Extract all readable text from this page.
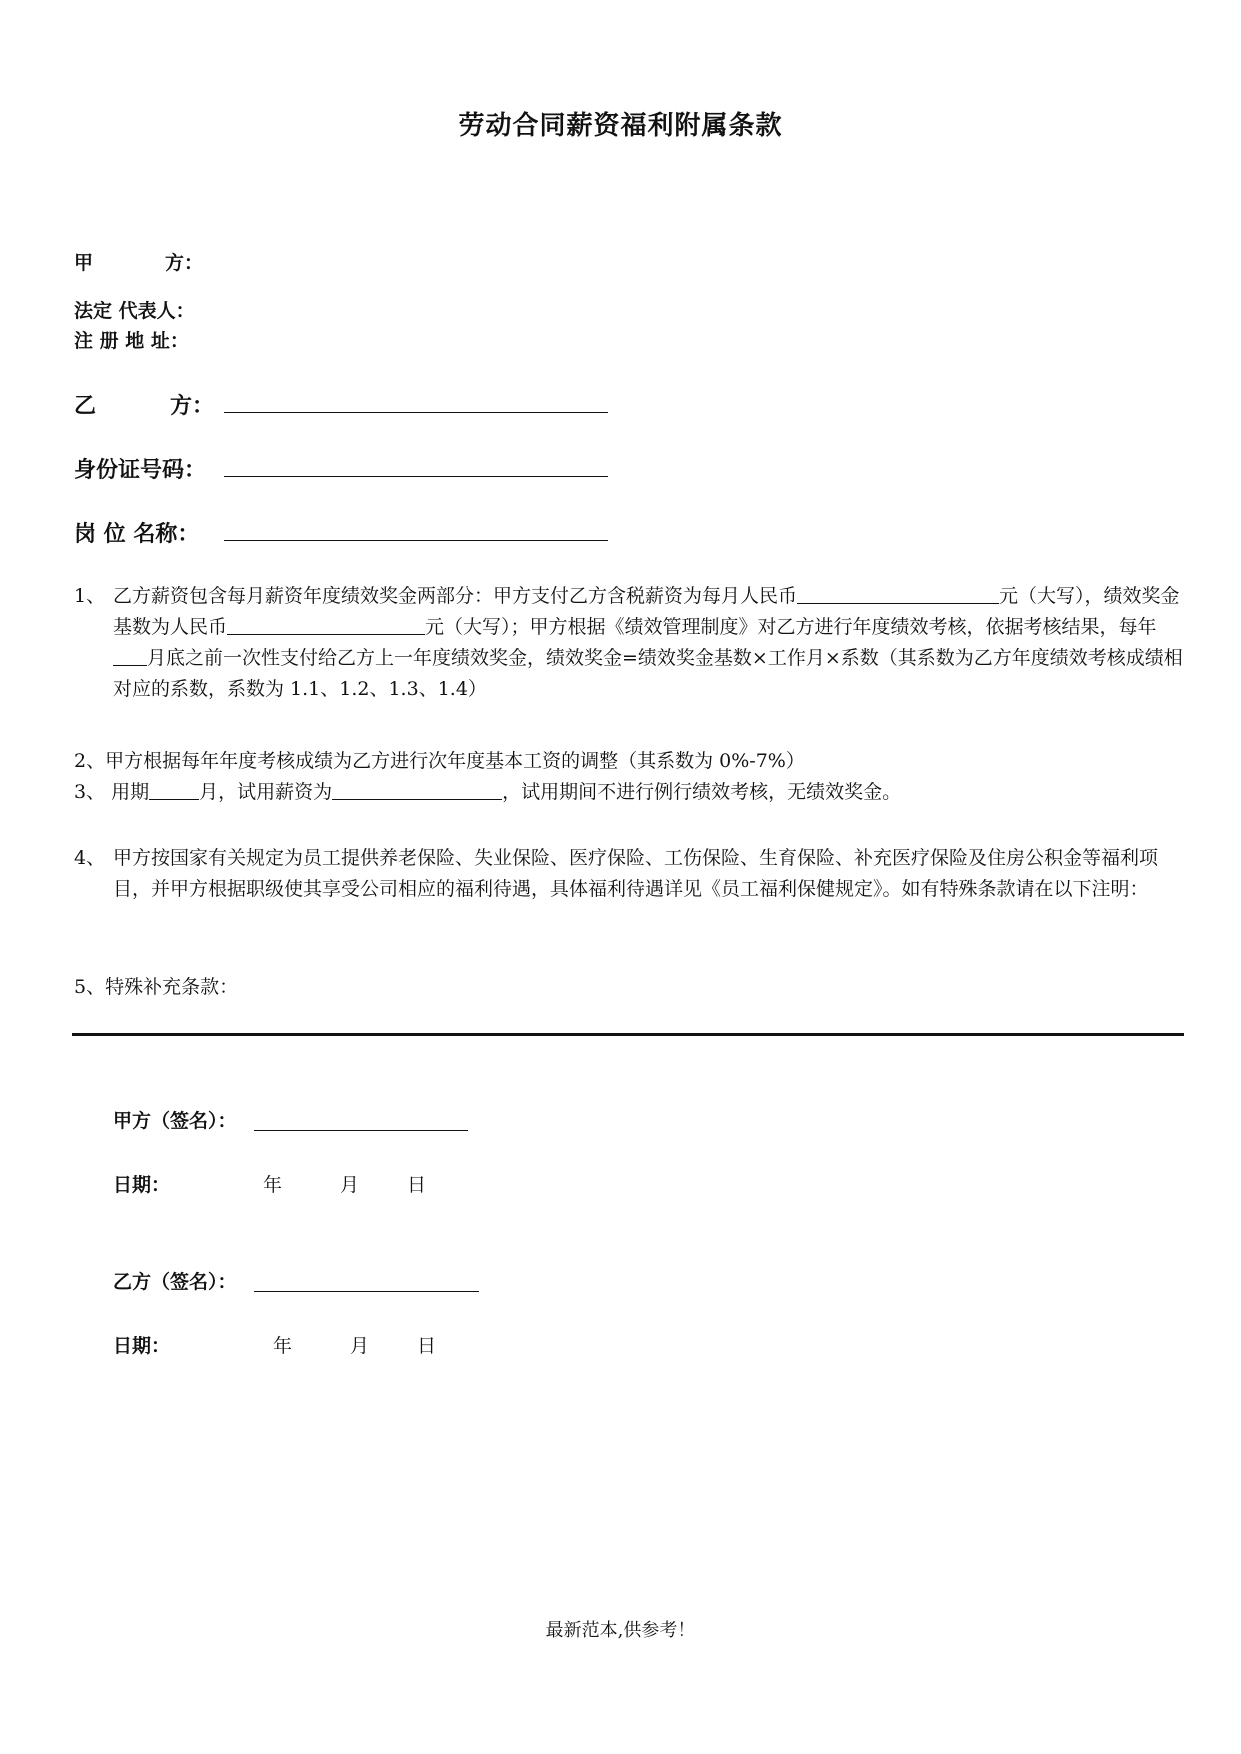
劳动合同薪资福利附属条款
甲	方：
法定 代表人：
注 册 地 址：
乙	方：
身份证号码：
岗 位 名称：
1、 乙方薪资包含每月薪资年度绩效奖金两部分：甲方支付乙方含税薪资为每月人民币	元（大写），绩效奖金基数为人民币	元（大写）；甲方根据《绩效管理制度》对乙方进行年度绩效考核，依据考核结果，每年月底之前一次性支付给乙方上一年度绩效奖金，绩效奖金=绩效奖金基数×工作月×系数（其系数为乙方年度绩效考核成绩相对应的系数，系数为 1.1、1.2、1.3、1.4）
2、甲方根据每年年度考核成绩为乙方进行次年度基本工资的调整（其系数为 0%-7%）
3、 用期	月，试用薪资为	，试用期间不进行例行绩效考核，无绩效奖金。
4、 甲方按国家有关规定为员工提供养老保险、失业保险、医疗保险、工伤保险、生育保险、补充医疗保险及住房公积金等福利项目，并甲方根据职级使其享受公司相应的福利待遇，具体福利待遇详见《员工福利保健规定》。如有特殊条款请在以下注明：
5、特殊补充条款：
甲方（签名）：
日期：	年	月	日
乙方（签名）：
日期：	年	月	日
最新范本,供参考！
